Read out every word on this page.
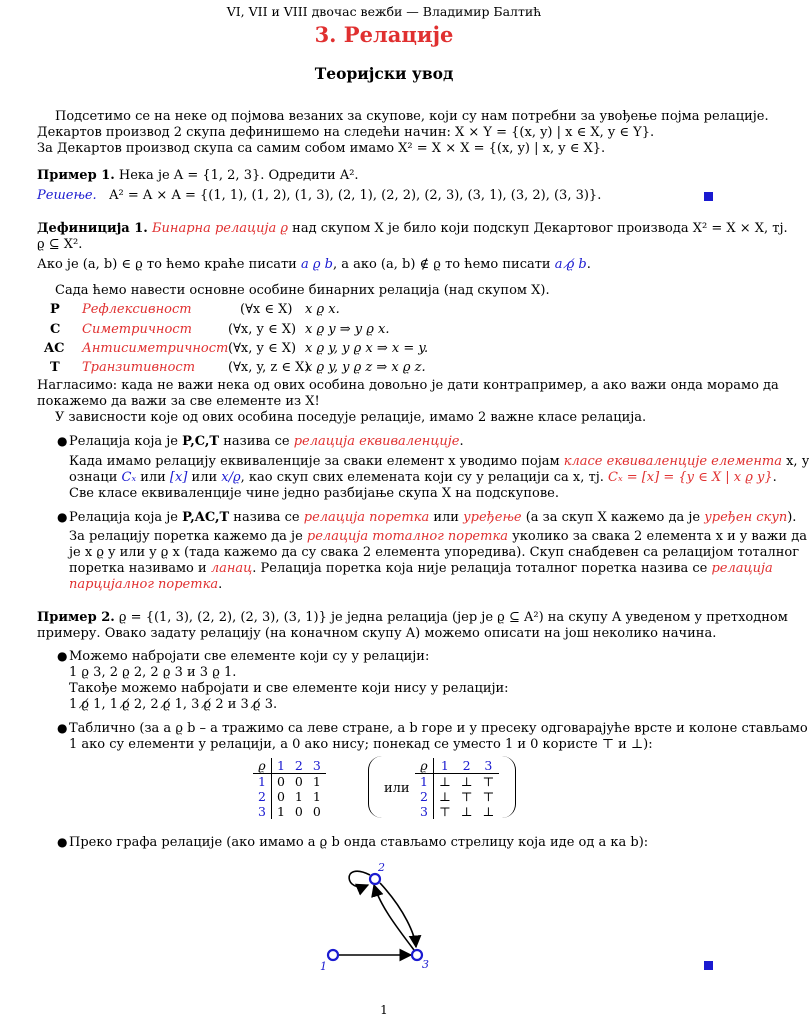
VI, VII и VIII двочас вежби — Владимир Балтић
3. Релације
Теоријски увод
Подсетимо се на неке од појмова везаних за скупове, који су нам потребни за увођење појма релације.
Декартов производ 2 скупа дефинишемо на следећи начин: X × Y = {(x, y) | x ∈ X, y ∈ Y}.
За Декартов производ скупа са самим собом имамо X² = X × X = {(x, y) | x, y ∈ X}.
Пример 1. Нека је A = {1, 2, 3}. Одредити A².
Решење. A² = A × A = {(1, 1), (1, 2), (1, 3), (2, 1), (2, 2), (2, 3), (3, 1), (3, 2), (3, 3)}.
Дефиниција 1. Бинарна релација ϱ над скупом X је било који подскуп Декартовог производа X² = X × X, тј.
ϱ ⊆ X².
Ако је (a, b) ∈ ϱ то ћемо краће писати a ϱ b, а ако (a, b) ∉ ϱ то ћемо писати a ϱ̸ b.
Сада ћемо навести основне особине бинарних релација (над скупом X).
P Рефлексивност	(∀x ∈ X) x ϱ x.
C Симетричност	(∀x, y ∈ X) x ϱ y ⇒ y ϱ x.
AC Антисиметричност (∀x, y ∈ X) x ϱ y, y ϱ x ⇒ x = y.
T Транзитивност	(∀x, y, z ∈ X)
x ϱ y, y ϱ z ⇒ x ϱ z.
Нагласимо: када не важи нека од ових особина довољно је дати контрапример, а ако важи онда морамо да
покажемо да важи за све елементе из X!
У зависности које од ових особина поседује релације, имамо 2 важне класе релација.
● Релација која је P,C,T назива се релација еквиваленције.
Када имамо релацију еквиваленције за сваки елемент x уводимо појам класе еквиваленције елемента x, у
ознаци Cₓ или [x] или x/ϱ, као скуп свих елемената који су у релацији са x, тј. Cₓ = [x] = {y ∈ X | x ϱ y}.
Све класе еквиваленције чине једно разбијање скупа X на подскупове.
● Релација која је P,AC,T назива се релација поретка или уређење (а за скуп X кажемо да је уређен скуп).
За релацију поретка кажемо да је релација тоталног поретка уколико за свака 2 елемента x и y важи да
је x ϱ y или y ϱ x (тада кажемо да су свака 2 елемента упоредива). Скуп снабдевен са релацијом тоталног
поретка називамо и ланац. Релација поретка која није релација тоталног поретка назива се релација
парцијалног поретка.
Пример 2. ϱ = {(1, 3), (2, 2), (2, 3), (3, 1)} је једна релација (јер је ϱ ⊆ A²) на скупу A уведеном у претходном
примеру. Овако задату релацију (на коначном скупу A) можемо описати на још неколико начина.
● Можемо набројати све елементе који су у релацији:
1 ϱ 3, 2 ϱ 2, 2 ϱ 3 и 3 ϱ 1.
Такође можемо набројати и све елементе који нису у релацији:
1 ϱ̸ 1, 1 ϱ̸ 2, 2 ϱ̸ 1, 3 ϱ̸ 2 и 3 ϱ̸ 3.
● Таблично (за a ϱ b – a тражимо са леве стране, a b горе и у пресеку одговарајуће врсте и колоне стављамо
1 ако су елементи у релацији, а 0 ако нису; понекад се уместо 1 и 0 користе ⊤ и ⊥):
ϱ	1	2	3
1	0	0	1
2	0	1	1
3	1	0	0
или
ϱ	1	2	3
1	⊥	⊥	⊤
2	⊥	⊤	⊤
3	⊤	⊥	⊥
● Преко графа релације (ако имамо a ϱ b онда стављамо стрелицу која иде од a ка b):
1
2
3
1
